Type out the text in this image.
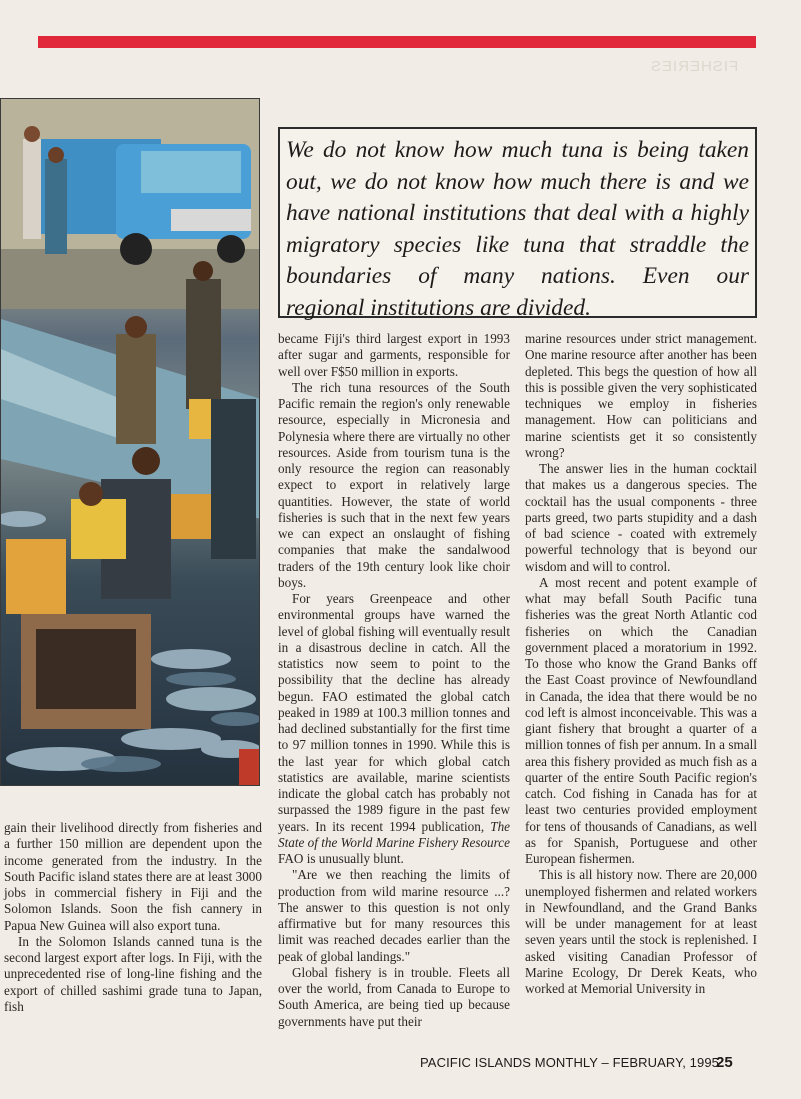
FISHERIES

We do not know how much tuna is being taken out, we do not know how much there is and we have national institutions that deal with a highly migratory species like tuna that straddle the boundaries of many nations. Even our
regional institutions are divided.

gain their livelihood directly from fisheries and a further 150 million are dependent upon the income generated from the industry. In the South Pacific island states there are at least 3000 jobs in commercial fishery in Fiji and the Solomon Islands. Soon the fish cannery in Papua New Guinea will also export tuna.

In the Solomon Islands canned tuna is the second largest export after logs. In Fiji, with the unprecedented rise of long-line fishing and the export of chilled sashimi grade tuna to Japan, fish

became Fiji's third largest export in 1993 after sugar and garments, responsible for well over F$50 million in exports.

The rich tuna resources of the South Pacific remain the region's only renewable resource, especially in Micronesia and Polynesia where there are virtually no other resources. Aside from tourism tuna is the only resource the region can reasonably expect to export in relatively large quantities. However, the state of world fisheries is such that in the next few years we can expect an onslaught of fishing companies that make the sandalwood traders of the 19th century look like choir boys.

For years Greenpeace and other environmental groups have warned the level of global fishing will eventually result in a disastrous decline in catch. All the statistics now seem to point to the possibility that the decline has already begun. FAO estimated the global catch peaked in 1989 at 100.3 million tonnes and had declined substantially for the first time to 97 million tonnes in 1990. While this is the last year for which global catch statistics are available, marine scientists indicate the global catch has probably not surpassed the 1989 figure in the past few years. In its recent 1994 publication, The State of the World Marine Fishery Resource FAO is unusually blunt.

"Are we then reaching the limits of production from wild marine resource ...? The answer to this question is not only affirmative but for many resources this limit was reached decades earlier than the peak of global landings."

Global fishery is in trouble. Fleets all over the world, from Canada to Europe to South America, are being tied up because governments have put their

marine resources under strict management. One marine resource after another has been depleted. This begs the question of how all this is possible given the very sophisticated techniques we employ in fisheries management. How can politicians and marine scientists get it so consistently wrong?

The answer lies in the human cocktail that makes us a dangerous species. The cocktail has the usual components - three parts greed, two parts stupidity and a dash of bad science - coated with extremely powerful technology that is beyond our wisdom and will to control.

A most recent and potent example of what may befall South Pacific tuna fisheries was the great North Atlantic cod fisheries on which the Canadian government placed a moratorium in 1992. To those who know the Grand Banks off the East Coast province of Newfoundland in Canada, the idea that there would be no cod left is almost inconceivable. This was a giant fishery that brought a quarter of a million tonnes of fish per annum. In a small area this fishery provided as much fish as a quarter of the entire South Pacific region's catch. Cod fishing in Canada has for at least two centuries provided employment for tens of thousands of Canadians, as well as for Spanish, Portuguese and other European fishermen.

This is all history now. There are 20,000 unemployed fishermen and related workers in Newfoundland, and the Grand Banks will be under management for at least seven years until the stock is replenished. I asked visiting Canadian Professor of Marine Ecology, Dr Derek Keats, who worked at Memorial University in

PACIFIC ISLANDS MONTHLY – FEBRUARY, 1995
25
